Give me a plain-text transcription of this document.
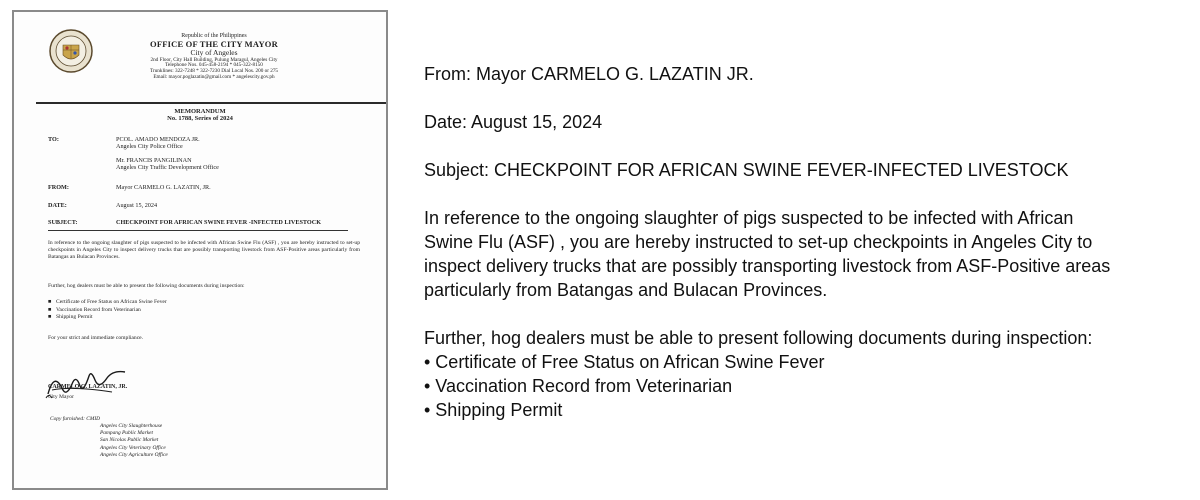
Republic of the Philippines
OFFICE OF THE CITY MAYOR
City of Angeles
2nd Floor, City Hall Building, Pulung Maragul, Angeles City
Telephone Nos. 045-458-2194 * 045-322-8150
Trunklines: 322-7248 * 322-7230 Dial Local Nos. 200 or 275
Email: mayor.poglazatin@gmail.com * angelescity.gov.ph
MEMORANDUM
No. 1788, Series of 2024
TO:	PCOL. AMADO MENDOZA JR.
Angeles City Police Office
Mr. FRANCIS PANGILINAN
Angeles City Traffic Development Office
FROM:	Mayor CARMELO G. LAZATIN, JR.
DATE:	August 15, 2024
SUBJECT:	CHECKPOINT FOR AFRICAN SWINE FEVER -INFECTED LIVESTOCK
In reference to the ongoing slaughter of pigs suspected to be infected with African Swine Flu (ASF) , you are hereby instructed to set-up checkpoints in Angeles City to inspect delivery trucks that are possibly transporting livestock from ASF-Positive areas particularly from Batangas an Bulacan Provinces.
Further, hog dealers must be able to present the following documents during inspection:
■ Certificate of Free Status on African Swine Fever
■ Vaccination Record from Veterinarian
■ Shipping Permit
For your strict and immediate compliance.
CARMELO G. LAZATIN, JR.
City Mayor
Copy furnished: CMID
Angeles City Slaughterhouse
Pampang Public Market
San Nicolas Public Market
Angeles City Veterinary Office
Angeles City Agriculture Office
From: Mayor CARMELO G. LAZATIN JR.
Date: August 15, 2024
Subject: CHECKPOINT FOR AFRICAN SWINE FEVER-INFECTED LIVESTOCK
In reference to the ongoing slaughter of pigs suspected to be infected with African
Swine Flu (ASF) , you are hereby instructed to set-up checkpoints in Angeles City to
inspect delivery trucks that are possibly transporting livestock from ASF-Positive areas
particularly from Batangas and Bulacan Provinces.
Further, hog dealers must be able to present following documents during inspection:
• Certificate of Free Status on African Swine Fever
• Vaccination Record from Veterinarian
• Shipping Permit
